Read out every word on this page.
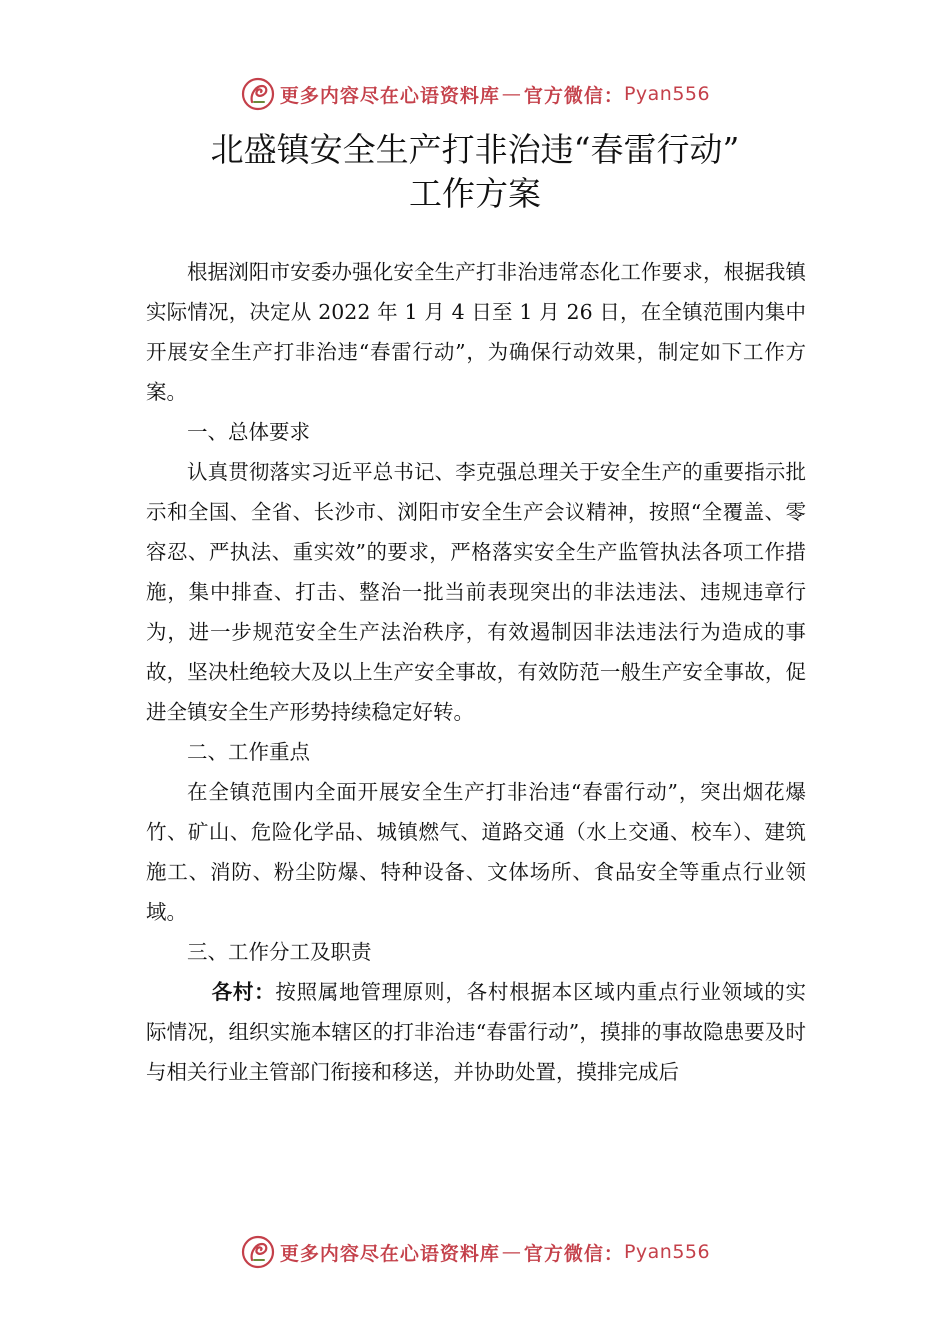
更多内容尽在心语资料库 — 官方微信： Pyan556
北盛镇安全生产打非治违“春雷行动”
工作方案

根据浏阳市安委办强化安全生产打非治违常态化工作要求，根据我镇实际情况，决定从 2022 年 1 月 4 日至 1 月 26 日，在全镇范围内集中开展安全生产打非治违“春雷行动”，为确保行动效果，制定如下工作方案。

一、总体要求

认真贯彻落实习近平总书记、李克强总理关于安全生产的重要指示批示和全国、全省、长沙市、浏阳市安全生产会议精神，按照“全覆盖、零容忍、严执法、重实效”的要求，严格落实安全生产监管执法各项工作措施，集中排查、打击、整治一批当前表现突出的非法违法、违规违章行为，进一步规范安全生产法治秩序，有效遏制因非法违法行为造成的事故，坚决杜绝较大及以上生产安全事故，有效防范一般生产安全事故，促进全镇安全生产形势持续稳定好转。

二、工作重点

在全镇范围内全面开展安全生产打非治违“春雷行动”，突出烟花爆竹、矿山、危险化学品、城镇燃气、道路交通（水上交通、校车）、建筑施工、消防、粉尘防爆、特种设备、文体场所、食品安全等重点行业领域。

三、工作分工及职责

各村：按照属地管理原则，各村根据本区域内重点行业领域的实际情况，组织实施本辖区的打非治违“春雷行动”，摸排的事故隐患要及时与相关行业主管部门衔接和移送，并协助处置，摸排完成后

更多内容尽在心语资料库 — 官方微信： Pyan556
